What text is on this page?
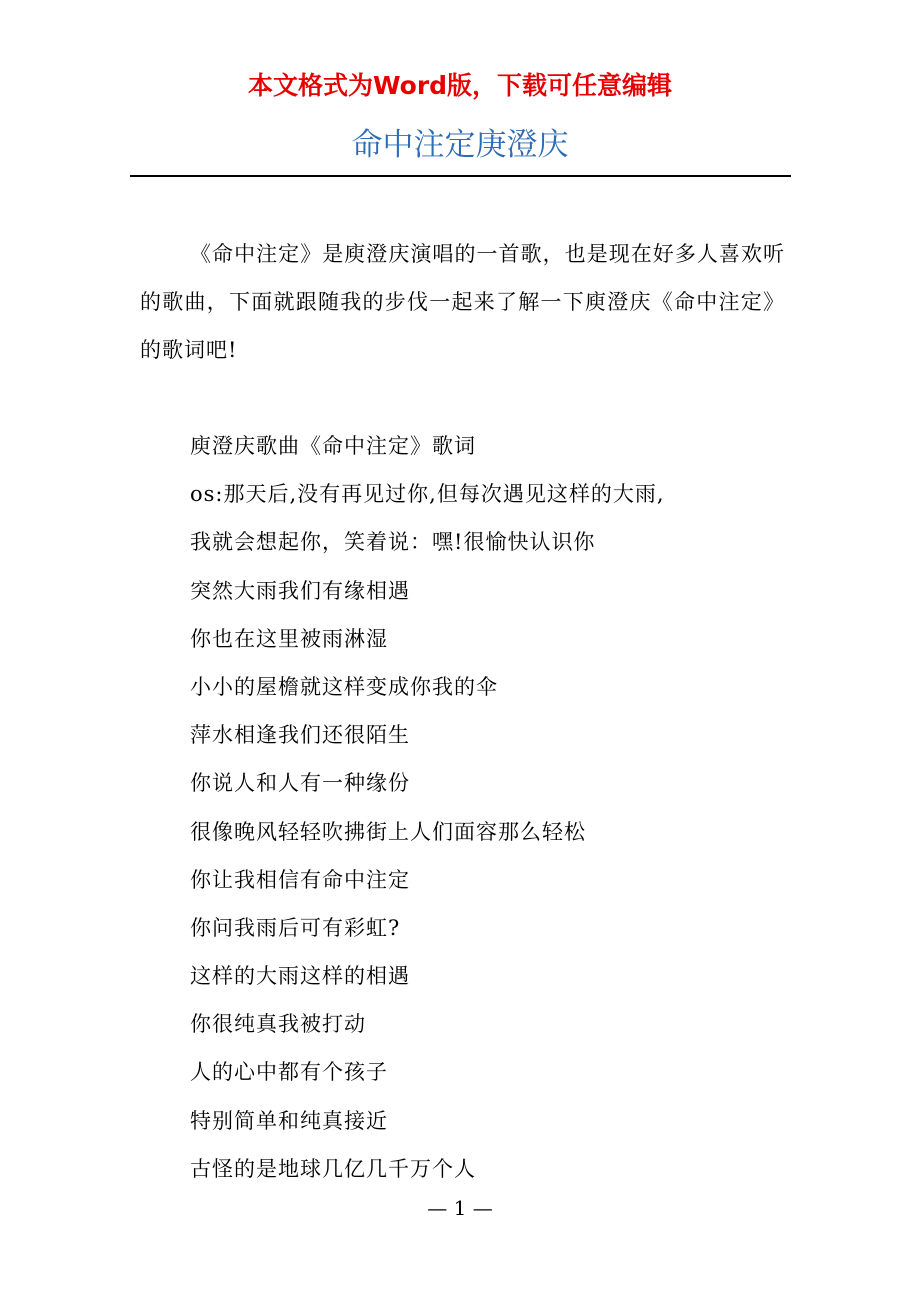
本文格式为Word版，下载可任意编辑
命中注定庚澄庆

《命中注定》是庾澄庆演唱的一首歌，也是现在好多人喜欢听的歌曲，下面就跟随我的步伐一起来了解一下庾澄庆《命中注定》的歌词吧!

庾澄庆歌曲《命中注定》歌词
os:那天后,没有再见过你,但每次遇见这样的大雨,
我就会想起你，笑着说：嘿!很愉快认识你
突然大雨我们有缘相遇
你也在这里被雨淋湿
小小的屋檐就这样变成你我的伞
萍水相逢我们还很陌生
你说人和人有一种缘份
很像晚风轻轻吹拂街上人们面容那么轻松
你让我相信有命中注定
你问我雨后可有彩虹?
这样的大雨这样的相遇
你很纯真我被打动
人的心中都有个孩子
特别简单和纯真接近
古怪的是地球几亿几千万个人
— 1 —
